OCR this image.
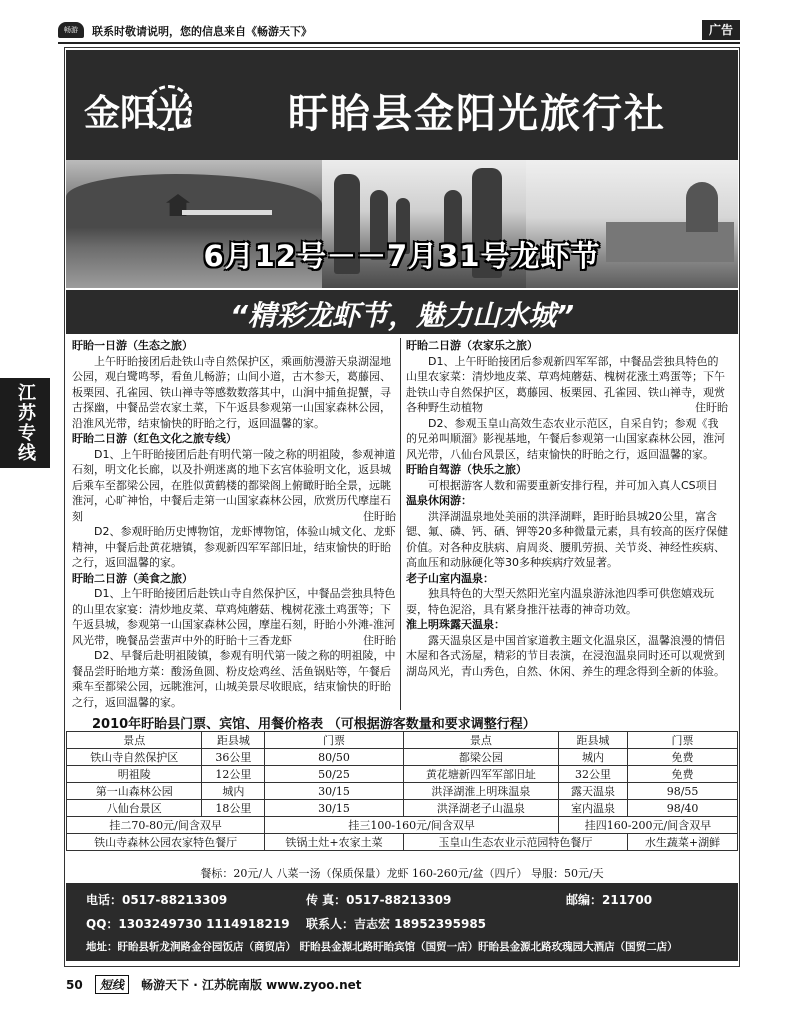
畅游	联系时敬请说明，您的信息来自《畅游天下》	广告
金阳光	盱眙县金阳光旅行社
6月12号－－7月31号龙虾节
“精彩龙虾节，魅力山水城”
江苏专线

盱眙一日游（生态之旅）

上午盱眙接团后赴铁山寺自然保护区，乘画舫漫游天泉湖湿地公园，观白鹭鸣琴，看鱼儿畅游；山间小道，古木参天，葛藤园、板栗园、孔雀园、铁山禅寺等感数数落其中，山涧中捕鱼捉蟹，寻古探幽，中餐品尝农家土菜，下午返县参观第一山国家森林公园，沿淮风光带，结束愉快的盱眙之行，返回温馨的家。

盱眙二日游（红色文化之旅专线）

D1、上午盱眙接团后赴有明代第一陵之称的明祖陵，参观神道石刻，明文化长廊，以及扑朔迷离的地下玄宫体验明文化，返县城后乘车至都梁公园，在胜似黄鹤楼的都梁阁上俯瞰盱眙全景，远眺淮河，心旷神怡，中餐后走第一山国家森林公园，欣赏历代摩崖石刻	住盱眙

D2、参观盱眙历史博物馆，龙虾博物馆，体验山城文化、龙虾精神，中餐后赴黄花塘镇，参观新四军军部旧址，结束愉快的盱眙之行，返回温馨的家。

盱眙二日游（美食之旅）

D1、上午盱眙接团后赴铁山寺自然保护区，中餐品尝独具特色的山里农家宴：清炒地皮菜、草鸡炖蘑菇、槐树花涨土鸡蛋等；下午返县城，参观第一山国家森林公园，摩崖石刻，盱眙小外滩-淮河风光带，晚餐品尝蜚声中外的盱眙十三香龙虾	住盱眙

D2、早餐后赴明祖陵镇，参观有明代第一陵之称的明祖陵，中餐品尝盱眙地方菜：酸汤鱼圆、粉皮烩鸡丝、活鱼锅贴等，午餐后乘车至都梁公园，远眺淮河，山城美景尽收眼底，结束愉快的盱眙之行，返回温馨的家。

盱眙二日游（农家乐之旅）

D1、上午盱眙接团后参观新四军军部，中餐品尝独具特色的山里农家菜：清炒地皮菜、草鸡炖蘑菇、槐树花涨土鸡蛋等；下午赴铁山寺自然保护区，葛藤园、板栗园、孔雀园、铁山禅寺，观赏各种野生动植物	住盱眙

D2、参观玉皇山高效生态农业示范区，自采自钓；参观《我的兄弟叫顺溜》影视基地，午餐后参观第一山国家森林公园，淮河风光带，八仙台风景区，结束愉快的盱眙之行，返回温馨的家。

盱眙自驾游（快乐之旅）

可根据游客人数和需要重新安排行程，并可加入真人CS项目

温泉休闲游：

洪泽湖温泉地处美丽的洪泽湖畔，距盱眙县城20公里，富含锶、氟、磷、钙、硒、钾等20多种微量元素，具有较高的医疗保健价值。对各种皮肤病、肩周炎、腰肌劳损、关节炎、神经性疾病、高血压和动脉硬化等30多种疾病疗效显著。

老子山室内温泉：

独具特色的大型天然阳光室内温泉游泳池四季可供您嬉戏玩耍，特色泥浴，具有紧身推汗祛毒的神奇功效。

淮上明珠露天温泉：

露天温泉区是中国首家道教主题文化温泉区，温馨浪漫的情侣木屋和各式汤屋，精彩的节目表演，在浸泡温泉同时还可以观赏到湖岛风光，青山秀色，自然、休闲、养生的理念得到全新的体验。

2010年盱眙县门票、宾馆、用餐价格表 （可根据游客数量和要求调整行程）
景点	距县城	门票	景点	距县城	门票
铁山寺自然保护区	36公里	80/50	都梁公园	城内	免费
明祖陵	12公里	50/25	黄花塘新四军军部旧址	32公里	免费
第一山森林公园	城内	30/15	洪泽湖淮上明珠温泉	露天温泉	98/55
八仙台景区	18公里	30/15	洪泽湖老子山温泉	室内温泉	98/40
挂二70-80元/间含双早		挂三100-160元/间含双早		挂四160-200元/间含双早	
铁山寺森林公园农家特色餐厅		铁锅土灶+农家土菜	玉皇山生态农业示范园特色餐厅		水生蔬菜+湖鲜
餐标：20元/人 八菜一汤（保质保量）龙虾 160-260元/盆（四斤） 导服：50元/天
电话：0517-88213309	传 真：0517-88213309	邮编：211700
QQ：1303249730 1114918219 联系人：吉志宏 18952395985
地址：盱眙县斩龙涧路金谷园饭店（商贸店） 盱眙县金源北路盱眙宾馆（国贸一店）盱眙县金源北路玫瑰园大酒店（国贸二店）
50 短线 畅游天下 · 江苏皖南版 www.zyoo.net
